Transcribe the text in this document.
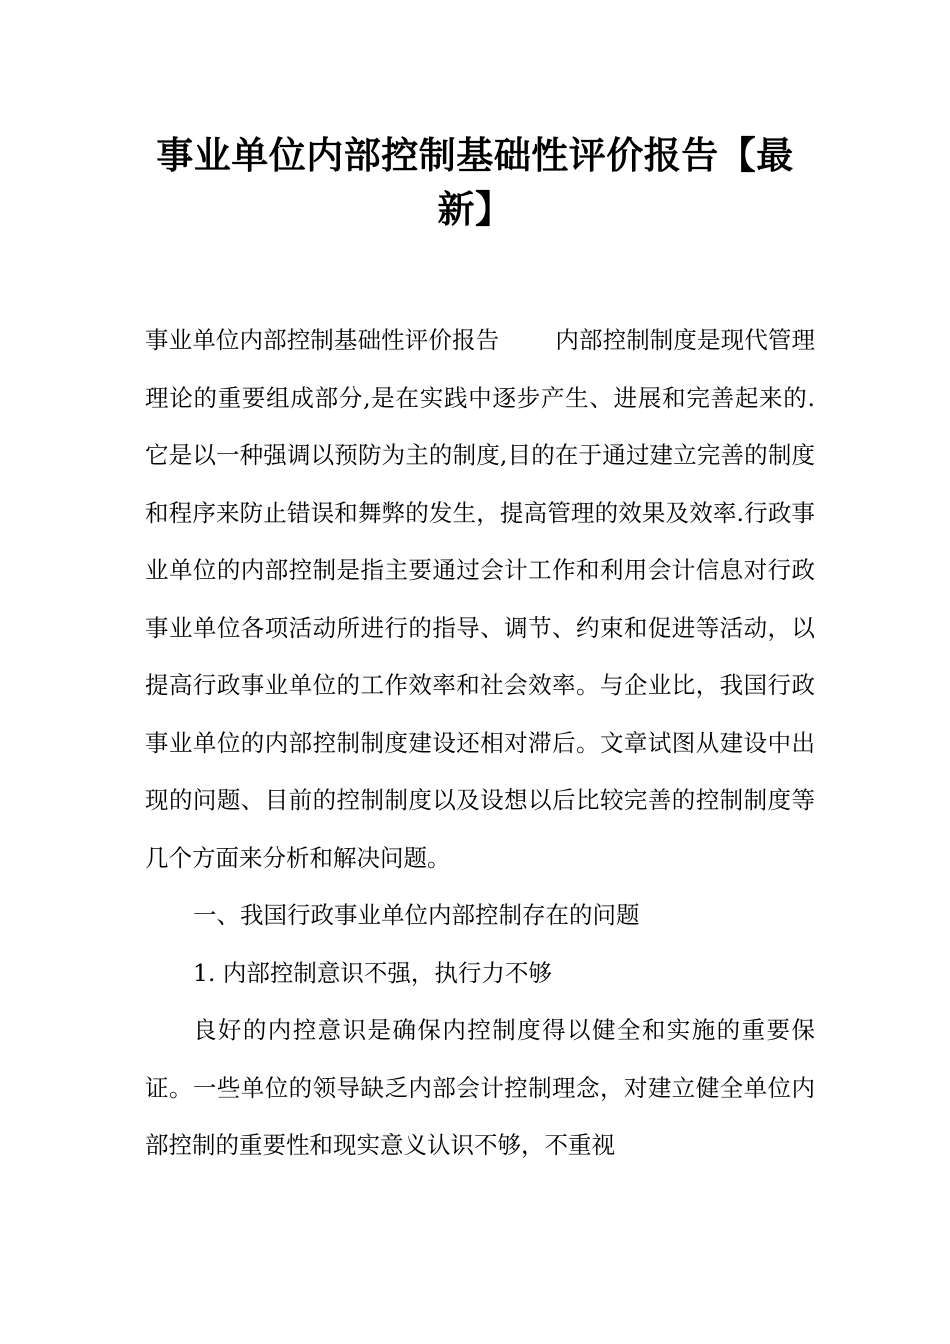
事业单位内部控制基础性评价报告【最新】

事业单位内部控制基础性评价报告 内部控制制度是现代管理理论的重要组成部分,是在实践中逐步产生、进展和完善起来的.它是以一种强调以预防为主的制度,目的在于通过建立完善的制度和程序来防止错误和舞弊的发生，提高管理的效果及效率.行政事业单位的内部控制是指主要通过会计工作和利用会计信息对行政事业单位各项活动所进行的指导、调节、约束和促进等活动，以提高行政事业单位的工作效率和社会效率。与企业比，我国行政事业单位的内部控制制度建设还相对滞后。文章试图从建设中出现的问题、目前的控制制度以及设想以后比较完善的控制制度等几个方面来分析和解决问题。

一、我国行政事业单位内部控制存在的问题

1. 内部控制意识不强，执行力不够

良好的内控意识是确保内控制度得以健全和实施的重要保证。一些单位的领导缺乏内部会计控制理念，对建立健全单位内部控制的重要性和现实意义认识不够，不重视
